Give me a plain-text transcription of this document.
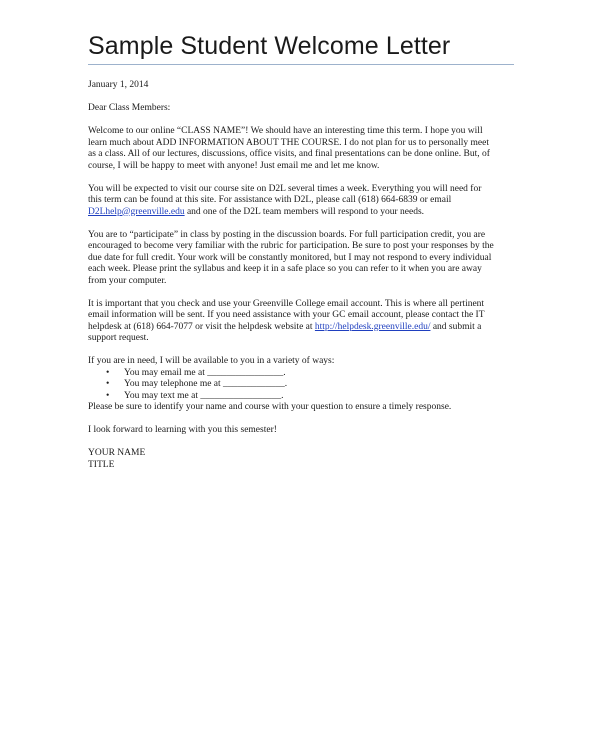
Sample Student Welcome Letter

January 1, 2014

Dear Class Members:

Welcome to our online “CLASS NAME”! We should have an interesting time this term. I hope you will
learn much about ADD INFORMATION ABOUT THE COURSE. I do not plan for us to personally meet
as a class. All of our lectures, discussions, office visits, and final presentations can be done online. But, of
course, I will be happy to meet with anyone! Just email me and let me know.

You will be expected to visit our course site on D2L several times a week. Everything you will need for
this term can be found at this site. For assistance with D2L, please call (618) 664-6839 or email
D2Lhelp@greenville.edu and one of the D2L team members will respond to your needs.

You are to “participate” in class by posting in the discussion boards. For full participation credit, you are
encouraged to become very familiar with the rubric for participation. Be sure to post your responses by the
due date for full credit. Your work will be constantly monitored, but I may not respond to every individual
each week. Please print the syllabus and keep it in a safe place so you can refer to it when you are away
from your computer.

It is important that you check and use your Greenville College email account. This is where all pertinent
email information will be sent. If you need assistance with your GC email account, please contact the IT
helpdesk at (618) 664-7077 or visit the helpdesk website at http://helpdesk.greenville.edu/ and submit a
support request.

If you are in need, I will be available to you in a variety of ways:
• You may email me at ________________.
• You may telephone me at _____________.
• You may text me at _________________.
Please be sure to identify your name and course with your question to ensure a timely response.

I look forward to learning with you this semester!

YOUR NAME
TITLE
